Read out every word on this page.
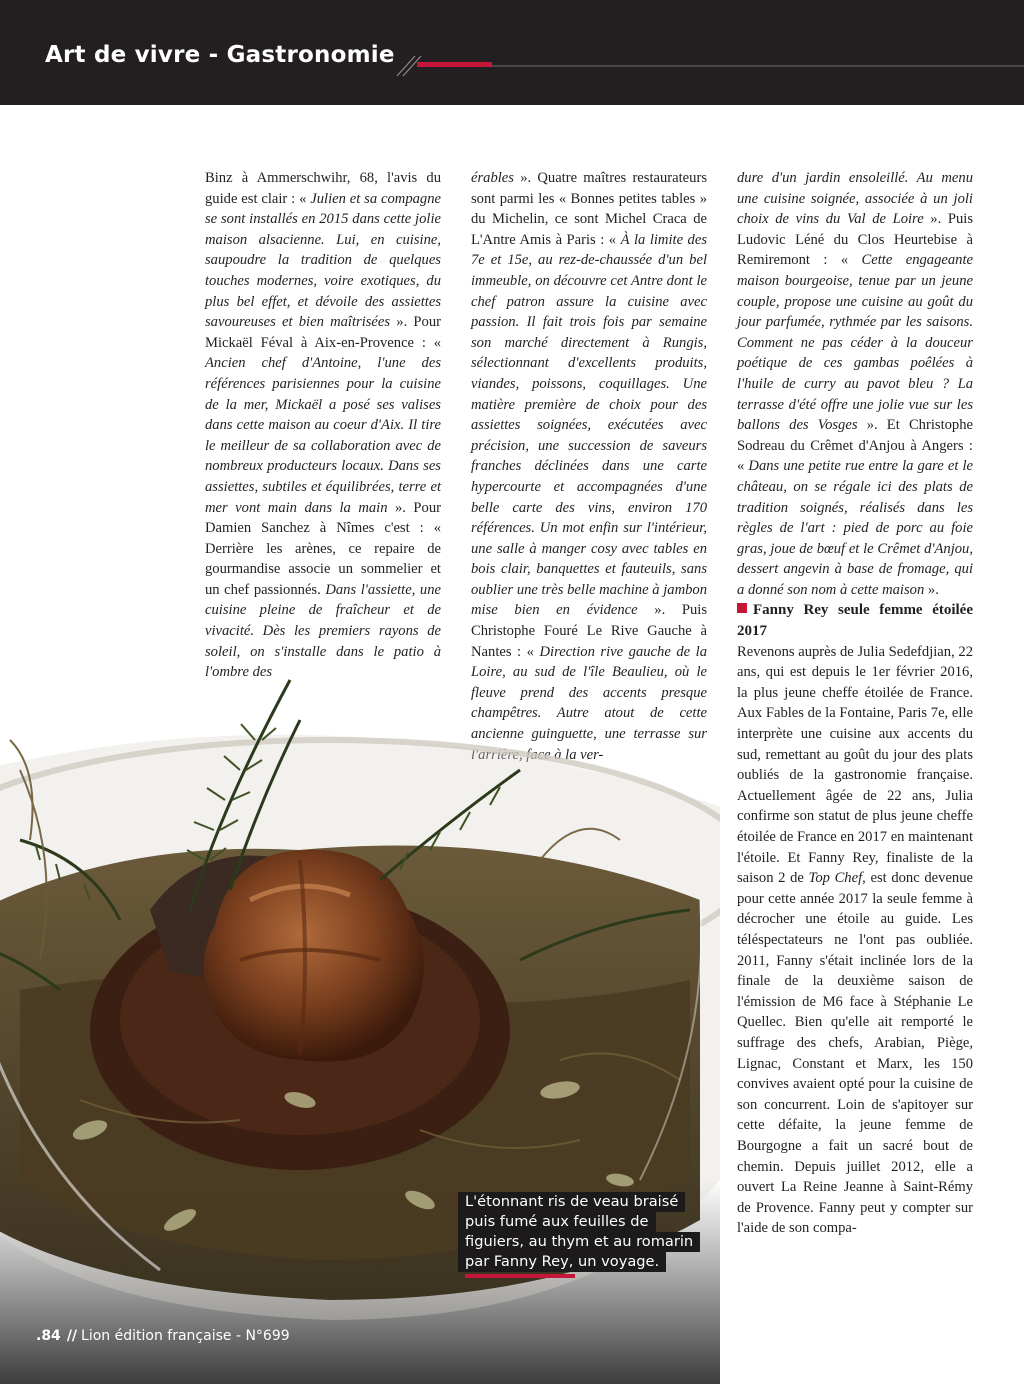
Art de vivre - Gastronomie

Binz à Ammerschwihr, 68, l'avis du guide est clair : « Julien et sa compagne se sont installés en 2015 dans cette jolie maison alsacienne. Lui, en cuisine, saupoudre la tradition de quelques touches modernes, voire exotiques, du plus bel effet, et dévoile des assiettes savoureuses et bien maîtrisées ». Pour Mickaël Féval à Aix-en-Provence : « Ancien chef d'Antoine, l'une des références parisiennes pour la cuisine de la mer, Mickaël a posé ses valises dans cette maison au coeur d'Aix. Il tire le meilleur de sa collaboration avec de nombreux producteurs locaux. Dans ses assiettes, subtiles et équilibrées, terre et mer vont main dans la main ». Pour Damien Sanchez à Nîmes c'est : « Derrière les arènes, ce repaire de gourmandise associe un sommelier et un chef passionnés. Dans l'assiette, une cuisine pleine de fraîcheur et de vivacité. Dès les premiers rayons de soleil, on s'installe dans le patio à l'ombre des

érables ». Quatre maîtres restaurateurs sont parmi les « Bonnes petites tables » du Michelin, ce sont Michel Craca de L'Antre Amis à Paris : « À la limite des 7e et 15e, au rez-de-chaussée d'un bel immeuble, on découvre cet Antre dont le chef patron assure la cuisine avec passion. Il fait trois fois par semaine son marché directement à Rungis, sélectionnant d'excellents produits, viandes, poissons, coquillages. Une matière première de choix pour des assiettes soignées, exécutées avec précision, une succession de saveurs franches déclinées dans une carte hypercourte et accompagnées d'une belle carte des vins, environ 170 références. Un mot enfin sur l'intérieur, une salle à manger cosy avec tables en bois clair, banquettes et fauteuils, sans oublier une très belle machine à jambon mise bien en évidence ». Puis Christophe Fouré Le Rive Gauche à Nantes : « Direction rive gauche de la Loire, au sud de l'île Beaulieu, où le fleuve prend des accents presque champêtres. Autre atout de cette ancienne guinguette, une terrasse sur l'arrière, face à la ver-

dure d'un jardin ensoleillé. Au menu une cuisine soignée, associée à un joli choix de vins du Val de Loire ». Puis Ludovic Léné du Clos Heurtebise à Remiremont : « Cette engageante maison bourgeoise, tenue par un jeune couple, propose une cuisine au goût du jour parfumée, rythmée par les saisons. Comment ne pas céder à la douceur poétique de ces gambas poêlées à l'huile de curry au pavot bleu ? La terrasse d'été offre une jolie vue sur les ballons des Vosges ». Et Christophe Sodreau du Crêmet d'Anjou à Angers : « Dans une petite rue entre la gare et le château, on se régale ici des plats de tradition soignés, réalisés dans les règles de l'art : pied de porc au foie gras, joue de bœuf et le Crêmet d'Anjou, dessert angevin à base de fromage, qui a donné son nom à cette maison ».

Fanny Rey seule femme étoilée 2017

Revenons auprès de Julia Sedefdjian, 22 ans, qui est depuis le 1er février 2016, la plus jeune cheffe étoilée de France. Aux Fables de la Fontaine, Paris 7e, elle interprète une cuisine aux accents du sud, remettant au goût du jour des plats oubliés de la gastronomie française. Actuellement âgée de 22 ans, Julia confirme son statut de plus jeune cheffe étoilée de France en 2017 en maintenant l'étoile. Et Fanny Rey, finaliste de la saison 2 de Top Chef, est donc devenue pour cette année 2017 la seule femme à décrocher une étoile au guide. Les téléspectateurs ne l'ont pas oubliée. 2011, Fanny s'était inclinée lors de la finale de la deuxième saison de l'émission de M6 face à Stéphanie Le Quellec. Bien qu'elle ait remporté le suffrage des chefs, Arabian, Piège, Lignac, Constant et Marx, les 150 convives avaient opté pour la cuisine de son concurrent. Loin de s'apitoyer sur cette défaite, la jeune femme de Bourgogne a fait un sacré bout de chemin. Depuis juillet 2012, elle a ouvert La Reine Jeanne à Saint-Rémy de Provence. Fanny peut y compter sur l'aide de son compa-

L'étonnant ris de veau braisé
puis fumé aux feuilles de
figuiers, au thym et au romarin
par Fanny Rey, un voyage.
.84 // Lion édition française - N°699
